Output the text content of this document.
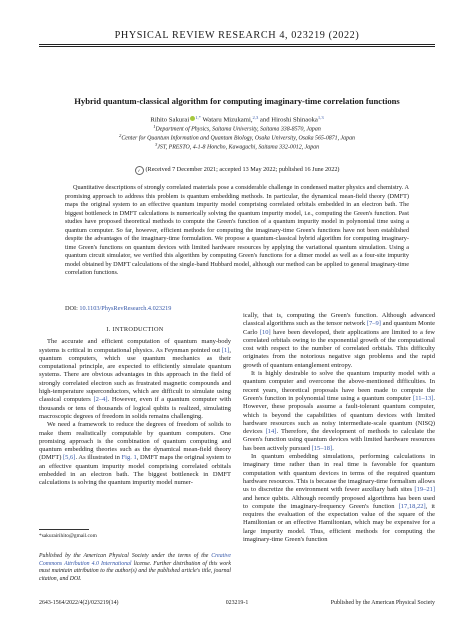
PHYSICAL REVIEW RESEARCH 4, 023219 (2022)
Hybrid quantum-classical algorithm for computing imaginary-time correlation functions
Rihito Sakurai $^{1,*}$ Wataru Mizukami,$^{2,3}$ and Hiroshi Shinaoka$^{1,3}$
$^1$Department of Physics, Saitama University, Saitama 338-8570, Japan
$^2$Center for Quantum Information and Quantum Biology, Osaka University, Osaka 565-0871, Japan
$^3$JST, PRESTO, 4-1-8 Honcho, Kawaguchi, Saitama 332-0012, Japan
✓ (Received 7 December 2021; accepted 13 May 2022; published 16 June 2022)
Quantitative descriptions of strongly correlated materials pose a considerable challenge in condensed matter physics and chemistry. A promising approach to address this problem is quantum embedding methods. In particular, the dynamical mean-field theory (DMFT) maps the original system to an effective quantum impurity model comprising correlated orbitals embedded in an electron bath. The biggest bottleneck in DMFT calculations is numerically solving the quantum impurity model, i.e., computing the Green's function. Past studies have proposed theoretical methods to compute the Green's function of a quantum impurity model in polynomial time using a quantum computer. So far, however, efficient methods for computing the imaginary-time Green's functions have not been established despite the advantages of the imaginary-time formulation. We propose a quantum-classical hybrid algorithm for computing imaginary-time Green's functions on quantum devices with limited hardware resources by applying the variational quantum simulation. Using a quantum circuit simulator, we verified this algorithm by computing Green's functions for a dimer model as well as a four-site impurity model obtained by DMFT calculations of the single-band Hubbard model, although our method can be applied to general imaginary-time correlation functions.
DOI: 10.1103/PhysRevResearch.4.023219
I. INTRODUCTION

The accurate and efficient computation of quantum many-body systems is critical in computational physics. As Feynman pointed out [1], quantum computers, which use quantum mechanics as their computational principle, are expected to efficiently simulate quantum systems. There are obvious advantages in this approach in the field of strongly correlated electron such as frustrated magnetic compounds and high-temperature superconductors, which are difficult to simulate using classical computers [2–4]. However, even if a quantum computer with thousands or tens of thousands of logical qubits is realized, simulating macroscopic degrees of freedom in solids remains challenging.

We need a framework to reduce the degrees of freedom of solids to make them realistically computable by quantum computers. One promising approach is the combination of quantum computing and quantum embedding theories such as the dynamical mean-field theory (DMFT) [5,6]. As illustrated in Fig. 1, DMFT maps the original system to an effective quantum impurity model comprising correlated orbitals embedded in an electron bath. The biggest bottleneck in DMFT calculations is solving the quantum impurity model numer-

ically, that is, computing the Green's function. Although advanced classical algorithms such as the tensor network [7–9] and quantum Monte Carlo [10] have been developed, their applications are limited to a few correlated orbitals owing to the exponential growth of the computational cost with respect to the number of correlated orbitals. This difficulty originates from the notorious negative sign problems and the rapid growth of quantum entanglement entropy.

It is highly desirable to solve the quantum impurity model with a quantum computer and overcome the above-mentioned difficulties. In recent years, theoretical proposals have been made to compute the Green's function in polynomial time using a quantum computer [11–13]. However, these proposals assume a fault-tolerant quantum computer, which is beyond the capabilities of quantum devices with limited hardware resources such as noisy intermediate-scale quantum (NISQ) devices [14]. Therefore, the development of methods to calculate the Green's function using quantum devices with limited hardware resources has been actively pursued [15–18].

In quantum embedding simulations, performing calculations in imaginary time rather than in real time is favorable for quantum computation with quantum devices in terms of the required quantum hardware resources. This is because the imaginary-time formalism allows us to discretize the environment with fewer auxiliary bath sites [19–21] and hence qubits. Although recently proposed algorithms has been used to compute the imaginary-frequency Green's function [17,18,22], it requires the evaluation of the expectation value of the square of the Hamiltonian or an effective Hamiltonian, which may be expensive for a large impurity model. Thus, efficient methods for computing the imaginary-time Green's function

*sakurairihito@gmail.com
Published by the American Physical Society under the terms of the Creative Commons Attribution 4.0 International license. Further distribution of this work must maintain attribution to the author(s) and the published article's title, journal citation, and DOI.
2643-1564/2022/4(2)/023219(14)	023219-1	Published by the American Physical Society
